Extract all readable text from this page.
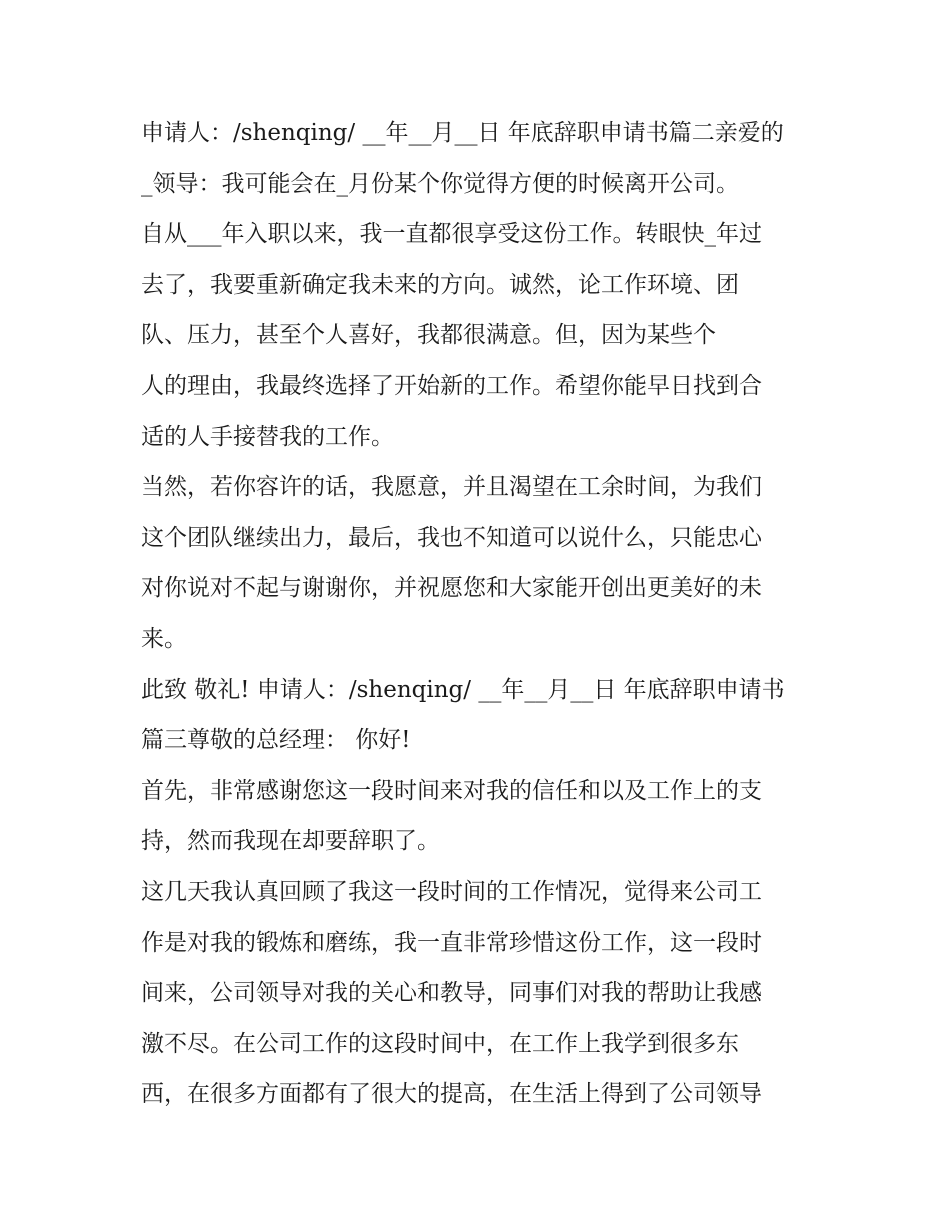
申请人：/shenqing/ __年__月__日 年底辞职申请书篇二亲爱的
_领导：我可能会在_月份某个你觉得方便的时候离开公司。
自从___年入职以来，我一直都很享受这份工作。转眼快_年过
去了，我要重新确定我未来的方向。诚然，论工作环境、团
队、压力，甚至个人喜好，我都很满意。但，因为某些个
人的理由，我最终选择了开始新的工作。希望你能早日找到合
适的人手接替我的工作。
当然，若你容许的话，我愿意，并且渴望在工余时间，为我们
这个团队继续出力，最后，我也不知道可以说什么，只能忠心
对你说对不起与谢谢你，并祝愿您和大家能开创出更美好的未
来。
此致 敬礼! 申请人：/shenqing/ __年__月__日 年底辞职申请书
篇三尊敬的总经理： 你好!
首先，非常感谢您这一段时间来对我的信任和以及工作上的支
持，然而我现在却要辞职了。
这几天我认真回顾了我这一段时间的工作情况，觉得来公司工
作是对我的锻炼和磨练，我一直非常珍惜这份工作，这一段时
间来，公司领导对我的关心和教导，同事们对我的帮助让我感
激不尽。在公司工作的这段时间中，在工作上我学到很多东
西，在很多方面都有了很大的提高，在生活上得到了公司领导
